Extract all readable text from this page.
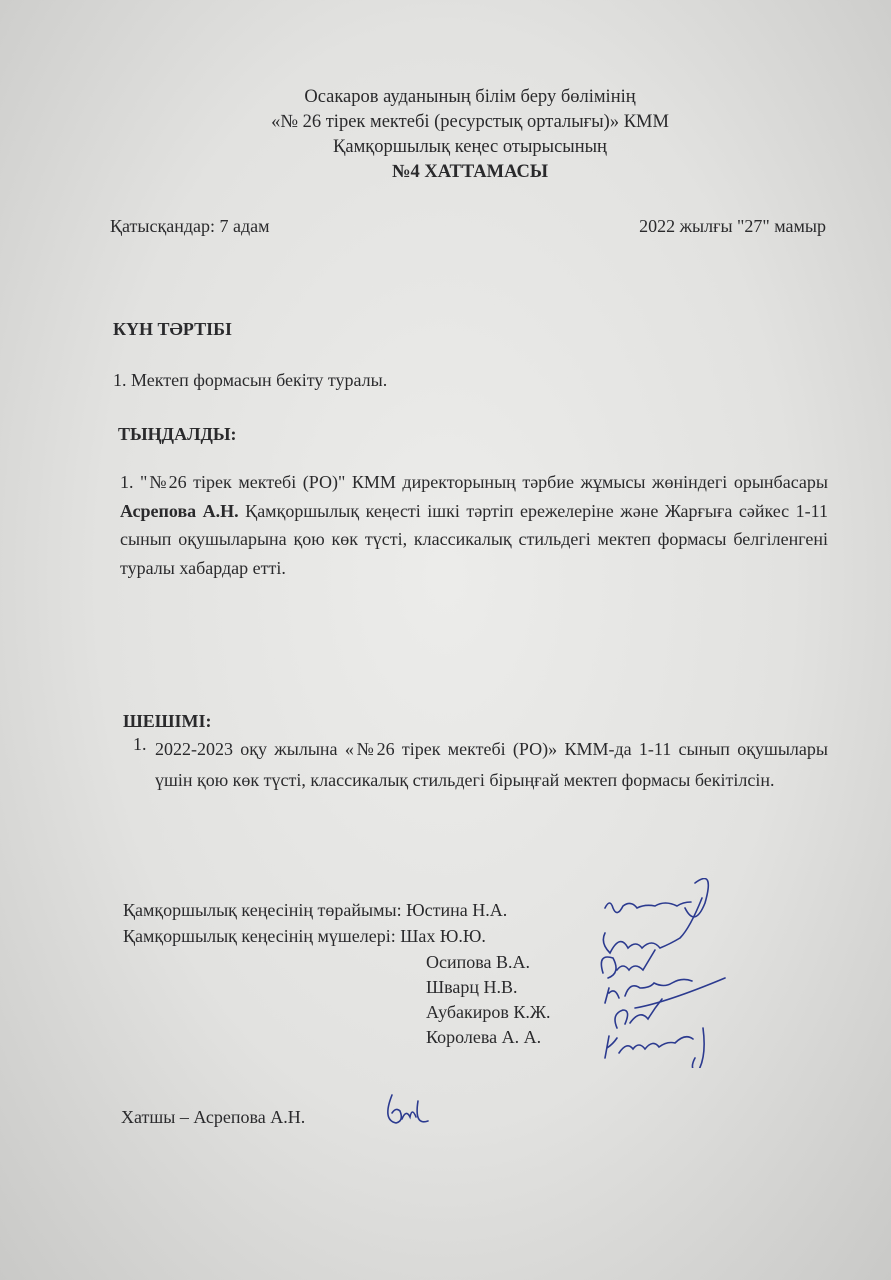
Осакаров ауданының білім беру бөлімінің
«№ 26 тірек мектебі (ресурстық орталығы)» КММ
Қамқоршылық кеңес отырысының
№4 ХАТТАМАСЫ
Қатысқандар: 7 адам	2022 жылғы "27" мамыр
КҮН ТӘРТІБІ
1. Мектеп формасын бекіту туралы.
ТЫҢДАЛДЫ:
1. "№26 тірек мектебі (РО)" КММ директорының тәрбие жұмысы жөніндегі орынбасары Асрепова А.Н. Қамқоршылық кеңесті ішкі тәртіп ережелеріне және Жарғыға сәйкес 1-11 сынып оқушыларына қою көк түсті, классикалық стильдегі мектеп формасы белгіленгені туралы хабардар етті.
ШЕШІМІ:
1. 2022-2023 оқу жылына «№26 тірек мектебі (РО)» КММ-да 1-11 сынып оқушылары үшін қою көк түсті, классикалық стильдегі бірыңғай мектеп формасы бекітілсін.
Қамқоршылық кеңесінің төрайымы: Юстина Н.А.
Қамқоршылық кеңесінің мүшелері: Шах Ю.Ю.
Осипова В.А.
Шварц Н.В.
Аубакиров К.Ж.
Королева А. А.
Хатшы – Асрепова А.Н.
